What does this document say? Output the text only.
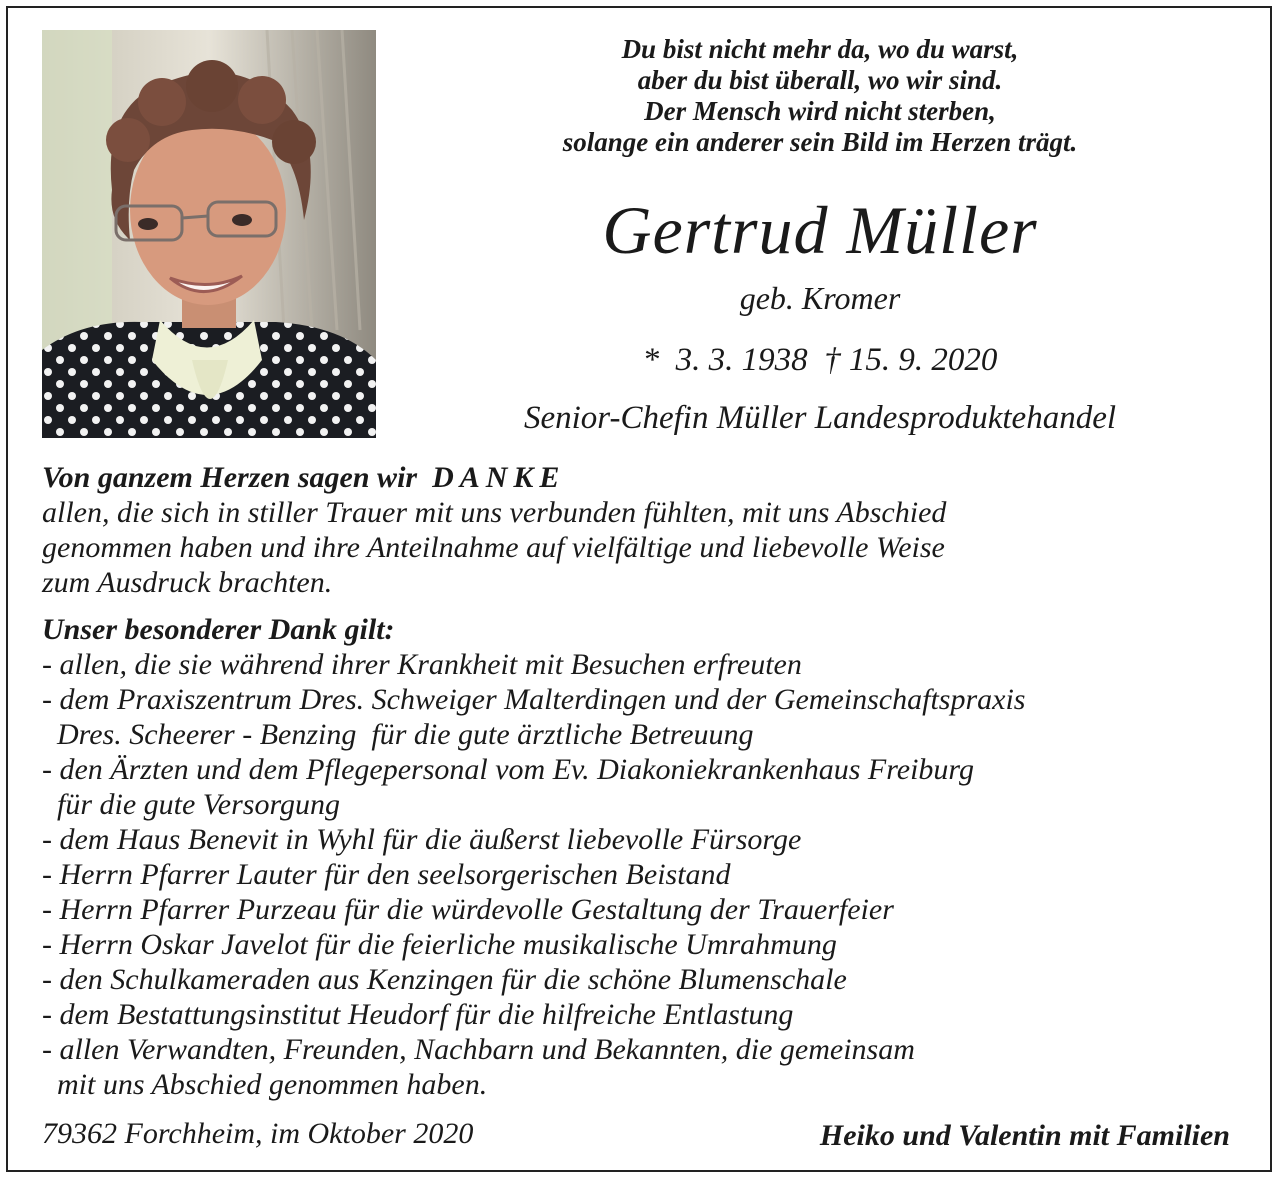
Du bist nicht mehr da, wo du warst,
aber du bist überall, wo wir sind.
Der Mensch wird nicht sterben,
solange ein anderer sein Bild im Herzen trägt.
Gertrud Müller
geb. Kromer
*  3. 3. 1938  † 15. 9. 2020
Senior-Chefin Müller Landesproduktehandel
Von ganzem Herzen sagen wir  DANKE
allen, die sich in stiller Trauer mit uns verbunden fühlten, mit uns Abschied
genommen haben und ihre Anteilnahme auf vielfältige und liebevolle Weise
zum Ausdruck brachten.
Unser besonderer Dank gilt:
- allen, die sie während ihrer Krankheit mit Besuchen erfreuten
- dem Praxiszentrum Dres. Schweiger Malterdingen und der Gemeinschaftspraxis
Dres. Scheerer - Benzing  für die gute ärztliche Betreuung
- den Ärzten und dem Pflegepersonal vom Ev. Diakoniekrankenhaus Freiburg
für die gute Versorgung
- dem Haus Benevit in Wyhl für die äußerst liebevolle Fürsorge
- Herrn Pfarrer Lauter für den seelsorgerischen Beistand
- Herrn Pfarrer Purzeau für die würdevolle Gestaltung der Trauerfeier
- Herrn Oskar Javelot für die feierliche musikalische Umrahmung
- den Schulkameraden aus Kenzingen für die schöne Blumenschale
- dem Bestattungsinstitut Heudorf für die hilfreiche Entlastung
- allen Verwandten, Freunden, Nachbarn und Bekannten, die gemeinsam
mit uns Abschied genommen haben.
79362 Forchheim, im Oktober 2020	Heiko und Valentin mit Familien
